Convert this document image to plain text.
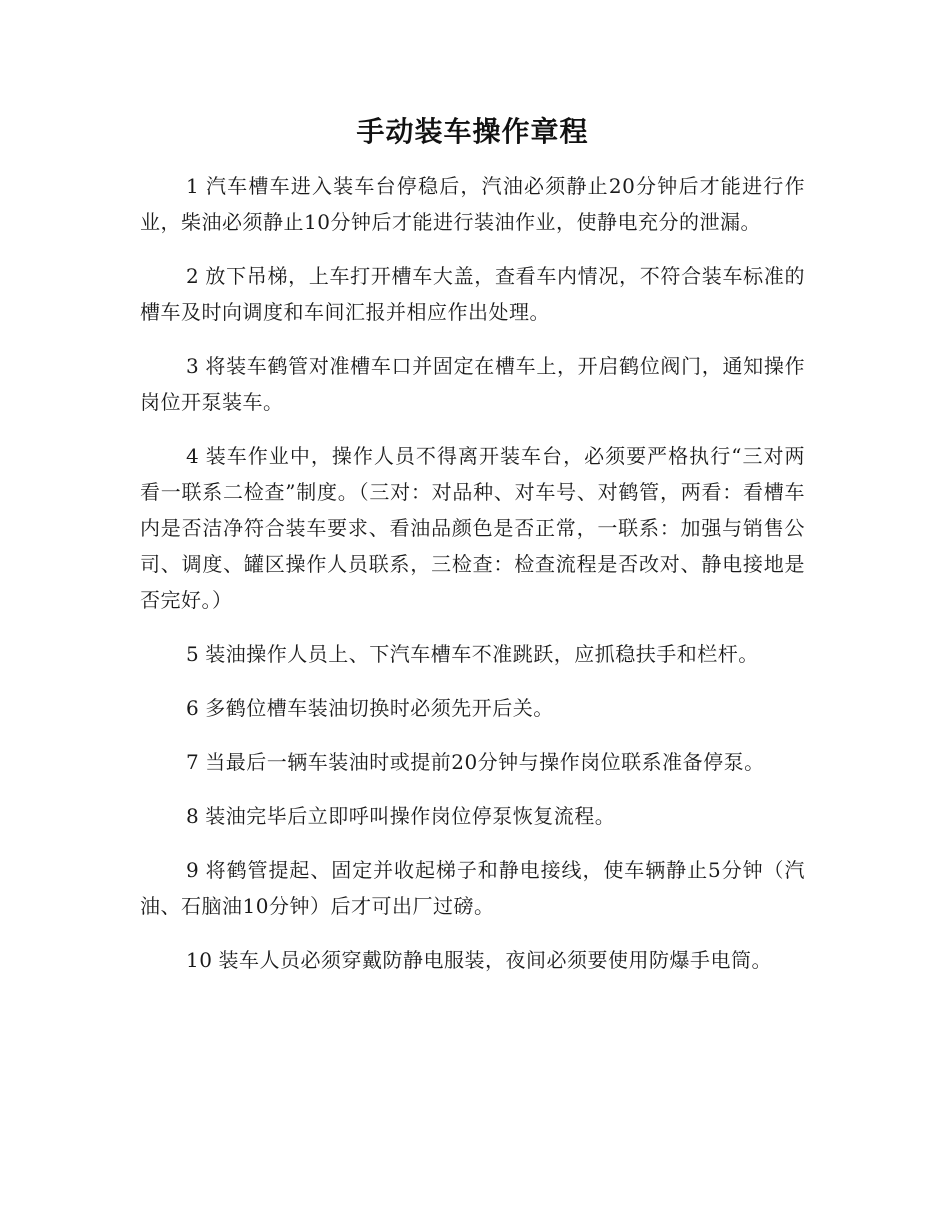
手动装车操作章程

1 汽车槽车进入装车台停稳后，汽油必须静止20分钟后才能进行作业，柴油必须静止10分钟后才能进行装油作业，使静电充分的泄漏。

2 放下吊梯，上车打开槽车大盖，查看车内情况，不符合装车标准的槽车及时向调度和车间汇报并相应作出处理。

3 将装车鹤管对准槽车口并固定在槽车上，开启鹤位阀门，通知操作岗位开泵装车。

4 装车作业中，操作人员不得离开装车台，必须要严格执行“三对两看一联系二检查”制度。（三对：对品种、对车号、对鹤管，两看：看槽车内是否洁净符合装车要求、看油品颜色是否正常，一联系：加强与销售公司、调度、罐区操作人员联系，三检查：检查流程是否改对、静电接地是否完好。）

5 装油操作人员上、下汽车槽车不准跳跃，应抓稳扶手和栏杆。

6 多鹤位槽车装油切换时必须先开后关。

7 当最后一辆车装油时或提前20分钟与操作岗位联系准备停泵。

8 装油完毕后立即呼叫操作岗位停泵恢复流程。

9 将鹤管提起、固定并收起梯子和静电接线，使车辆静止5分钟（汽油、石脑油10分钟）后才可出厂过磅。

10 装车人员必须穿戴防静电服装，夜间必须要使用防爆手电筒。
